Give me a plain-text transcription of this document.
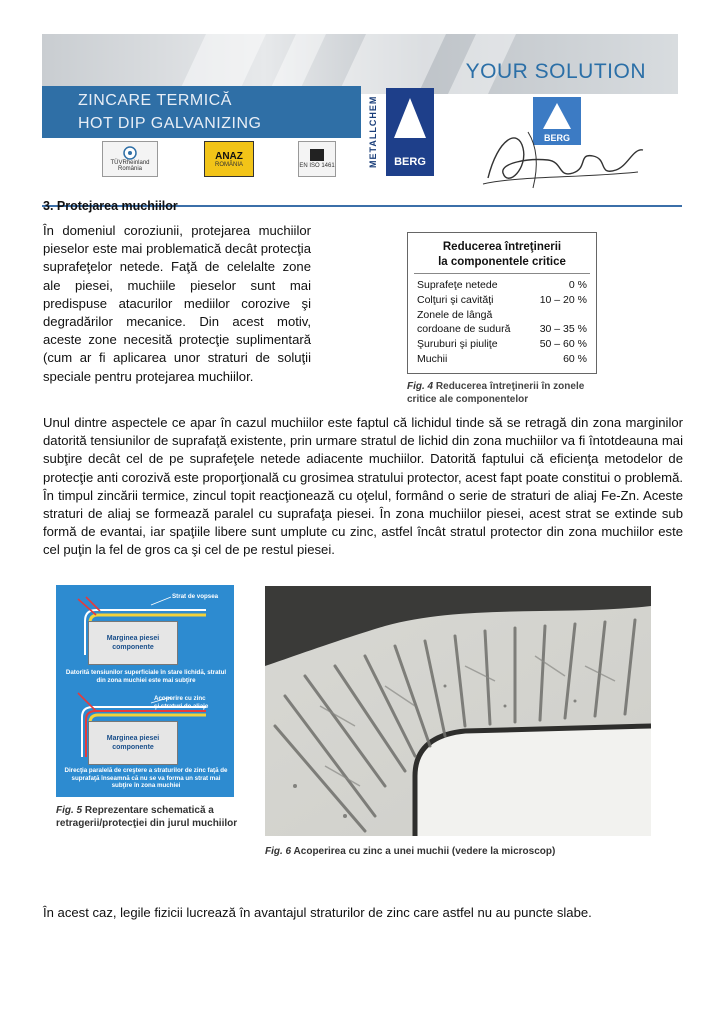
YOUR SOLUTION
ZINCARE TERMICĂ
HOT DIP GALVANIZING
TÜVRheinland
România
ANAZ
ROMÂNIA	EN ISO 1461	METALLCHEM	BERG
BERG
3. Protejarea muchiilor
În domeniul coroziunii, protejarea muchiilor pieselor este mai problematică decât protecţia suprafeţelor netede. Faţă de celelalte zone ale piesei, muchiile pieselor sunt mai predispuse atacurilor mediilor corozive şi degradărilor mecanice. Din acest motiv, aceste zone necesită protecţie suplimentară (cum ar fi aplicarea unor straturi de soluţii speciale pentru protejarea muchiilor.
Reducerea întreţinerii
la componentele critice
Suprafeţe netede	0 %
Colţuri şi cavităţi	10 – 20 %
Zonele de lângă
cordoane de sudură	30 – 35 %
Şuruburi şi piuliţe	50 – 60 %
Muchii	60 %
Fig. 4 Reducerea întreţinerii în zonele critice ale componentelor
Unul dintre aspectele ce apar în cazul muchiilor este faptul că lichidul tinde să se retragă din zona marginilor datorită tensiunilor de suprafaţă existente, prin urmare stratul de lichid din zona muchiilor va fi întotdeauna mai subţire decât cel de pe suprafeţele netede adiacente muchiilor. Datorită faptului că eficienţa metodelor de protecţie anti corozivă este proporţională cu grosimea stratului protector, acest fapt poate constitui o problemă. În timpul zincării termice, zincul topit reacţionează cu oţelul, formând o serie de straturi de aliaj Fe-Zn. Aceste straturi de aliaj se formează paralel cu suprafaţa piesei. În zona muchiilor piesei, acest strat se extinde sub formă de evantai, iar spaţiile libere sunt umplute cu zinc, astfel încât stratul protector din zona muchiilor este cel puţin la fel de gros ca şi cel de pe restul piesei.
Strat de vopsea
Marginea piesei componente
Datorită tensiunilor superficiale în stare lichidă, stratul din zona muchiei este mai subţire
Acoperire cu zinc
şi straturi de aliaje
Marginea piesei componente
Direcţia paralelă de creştere a straturilor de zinc faţă de suprafaţă înseamnă că nu se va forma un strat mai subţire în zona muchiei
Fig. 5 Reprezentare schematică a retragerii/protecţiei din jurul muchiilor
Fig. 6 Acoperirea cu zinc a unei muchii (vedere la microscop)
În acest caz, legile fizicii lucrează în avantajul straturilor de zinc care astfel nu au puncte slabe.
